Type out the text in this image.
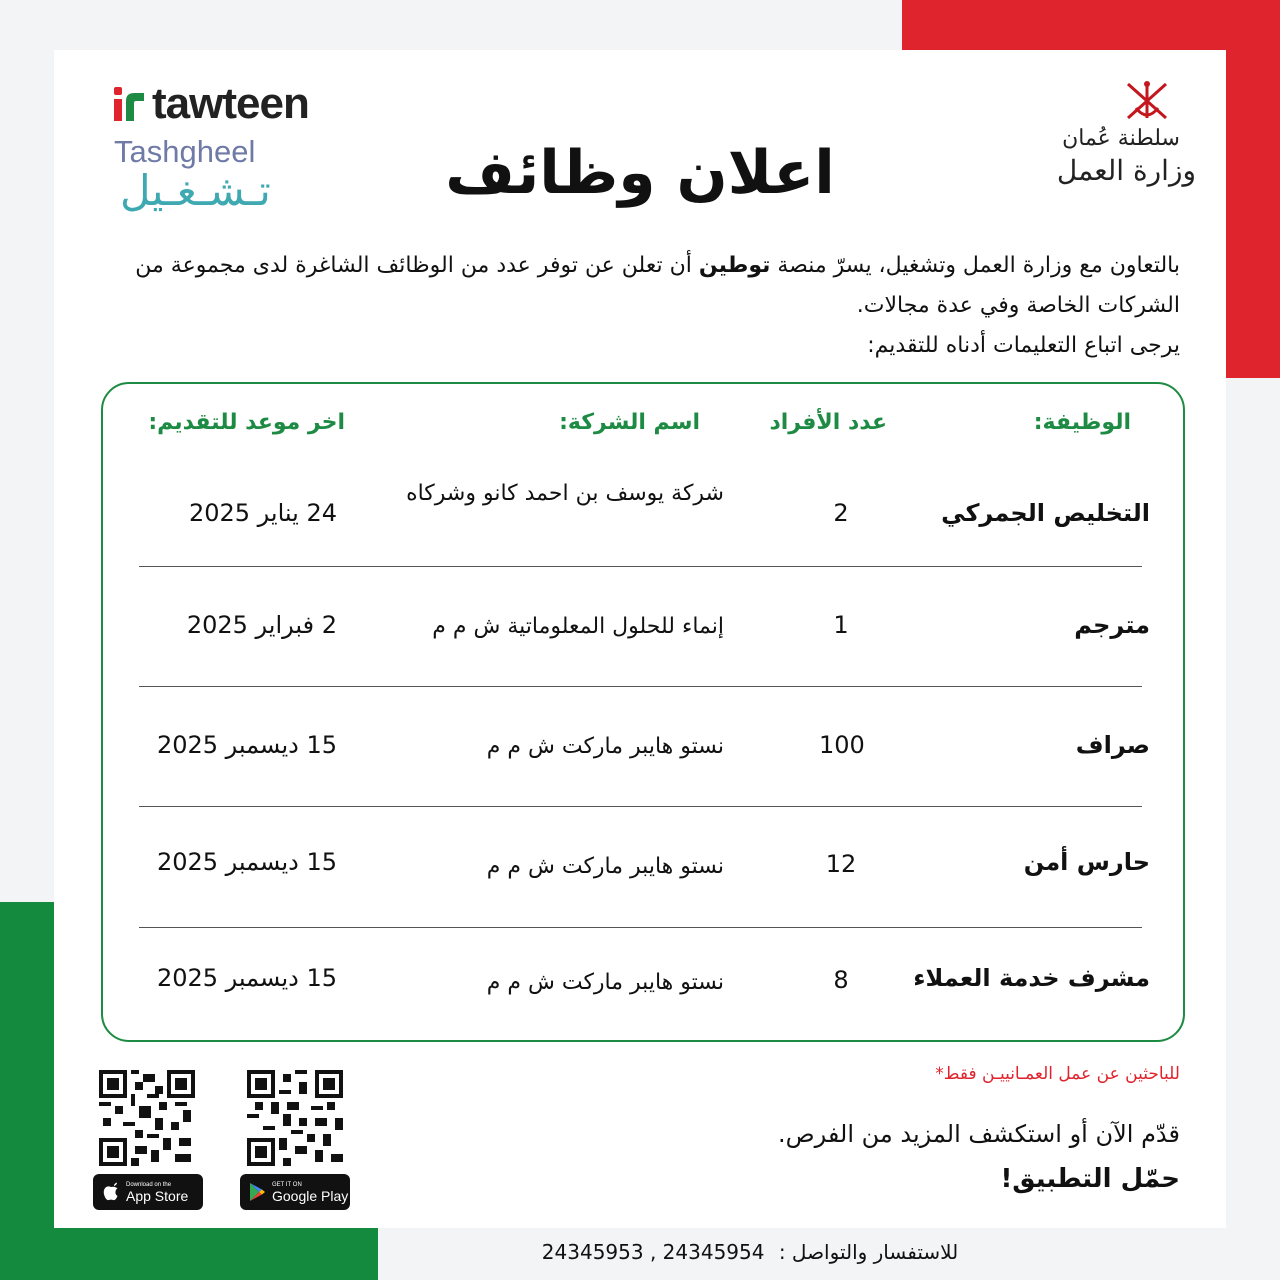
tawteen
Tashgheel
تـشـغـيل
سلطنة عُمان
وزارة العمل
اعلان وظائف

بالتعاون مع وزارة العمل وتشغيل، يسرّ منصة توطين أن تعلن عن توفر عدد من الوظائف الشاغرة لدى مجموعة من الشركات الخاصة وفي عدة مجالات.

يرجى اتباع التعليمات أدناه للتقديم:

الوظيفة:
عدد الأفراد
اسم الشركة:
اخر موعد للتقديم:
التخليص الجمركي
2
شركة يوسف بن احمد كانو وشركاه
24 يناير 2025
مترجم
1
إنماء للحلول المعلوماتية ش م م
2 فبراير 2025
صراف
100
نستو هايبر ماركت ش م م
15 ديسمبر 2025
حارس أمن
12
نستو هايبر ماركت ش م م
15 ديسمبر 2025
مشرف خدمة العملاء
8
نستو هايبر ماركت ش م م
15 ديسمبر 2025
للباحثين عن عمل العمـانييـن فقط*
قدّم الآن أو استكشف المزيد من الفرص.
حمّل التطبيق!
Download on the
App Store
GET IT ON
Google Play
للاستفسار والتواصل : 24345953 , 24345954
